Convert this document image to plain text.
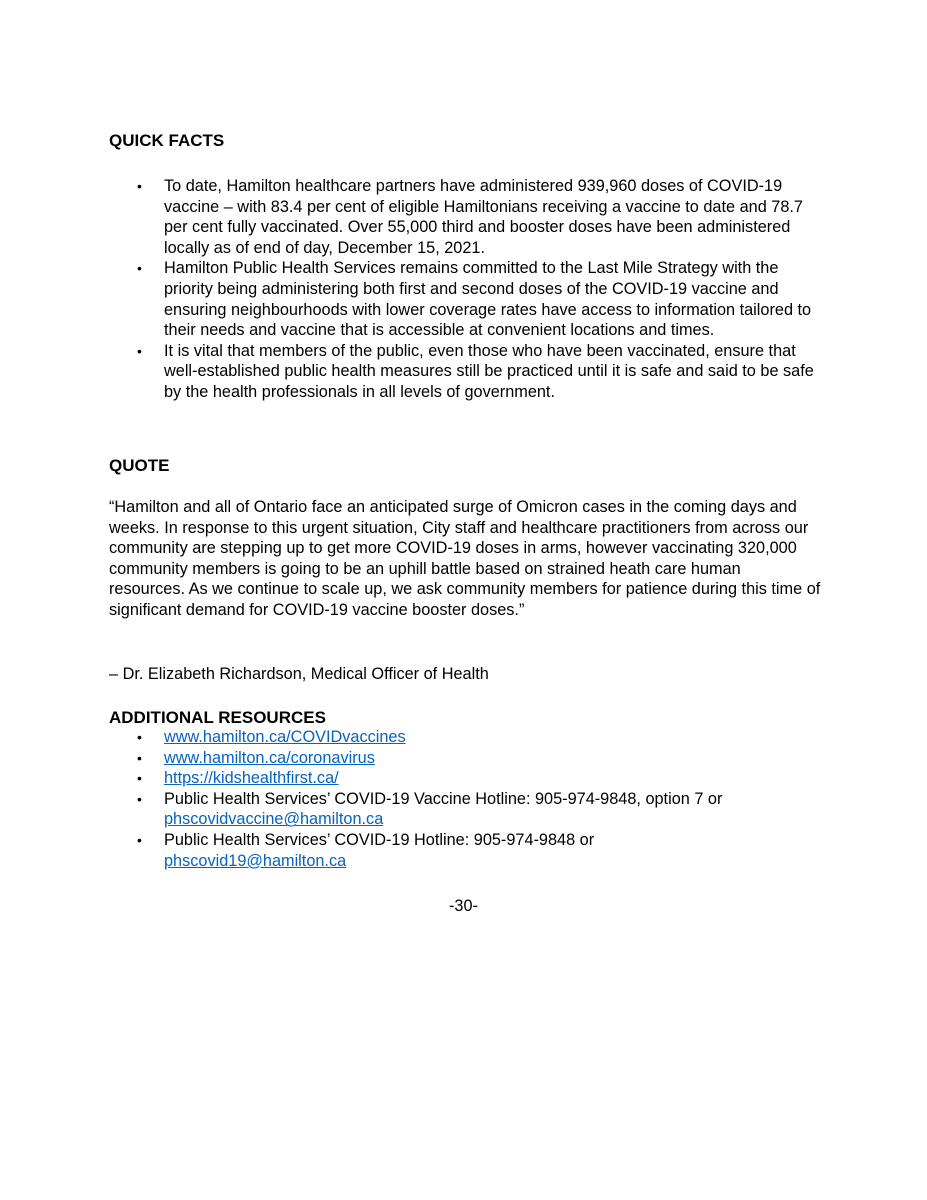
QUICK FACTS
• To date, Hamilton healthcare partners have administered 939,960 doses of COVID-19 vaccine – with 83.4 per cent of eligible Hamiltonians receiving a vaccine to date and 78.7 per cent fully vaccinated. Over 55,000 third and booster doses have been administered locally as of end of day, December 15, 2021.
• Hamilton Public Health Services remains committed to the Last Mile Strategy with the priority being administering both first and second doses of the COVID-19 vaccine and ensuring neighbourhoods with lower coverage rates have access to information tailored to their needs and vaccine that is accessible at convenient locations and times.
• It is vital that members of the public, even those who have been vaccinated, ensure that well-established public health measures still be practiced until it is safe and said to be safe by the health professionals in all levels of government.
QUOTE

“Hamilton and all of Ontario face an anticipated surge of Omicron cases in the coming days and weeks. In response to this urgent situation, City staff and healthcare practitioners from across our community are stepping up to get more COVID-19 doses in arms, however vaccinating 320,000 community members is going to be an uphill battle based on strained heath care human resources. As we continue to scale up, we ask community members for patience during this time of significant demand for COVID-19 vaccine booster doses.”

– Dr. Elizabeth Richardson, Medical Officer of Health

ADDITIONAL RESOURCES
• www.hamilton.ca/COVIDvaccines
• www.hamilton.ca/coronavirus
• https://kidshealthfirst.ca/
• Public Health Services’ COVID-19 Vaccine Hotline: 905-974-9848, option 7 or
phscovidvaccine@hamilton.ca
• Public Health Services’ COVID-19 Hotline: 905-974-9848 or
phscovid19@hamilton.ca
-30-
